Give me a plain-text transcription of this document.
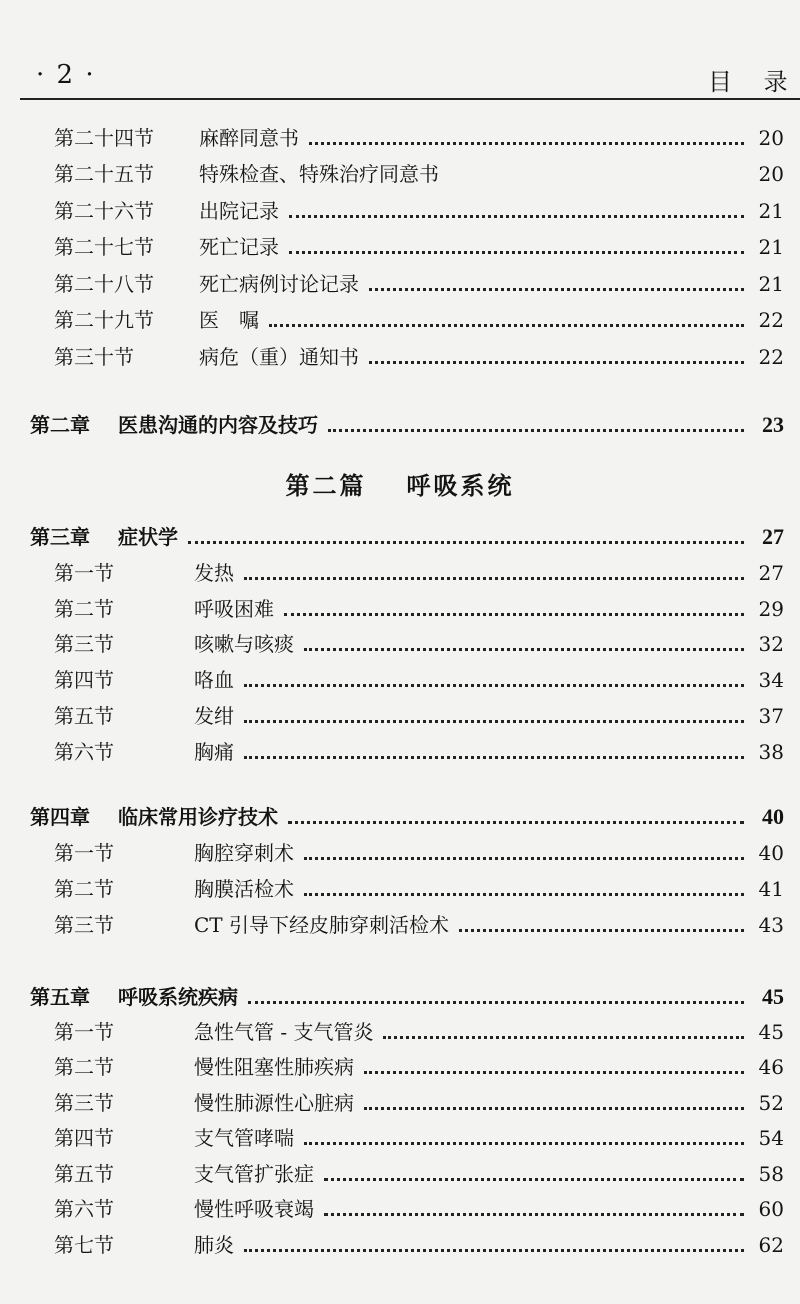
· 2 ·	目 录
第二十四节 麻醉同意书	20
第二十五节 特殊检查、特殊治疗同意书	20
第二十六节 出院记录	21
第二十七节 死亡记录	21
第二十八节 死亡病例讨论记录	21
第二十九节 医　嘱	22
第三十节	病危（重）通知书	22
第二章 医患沟通的内容及技巧	23
第二篇 呼吸系统
第三章 症状学	27
第一节	发热	27
第二节	呼吸困难	29
第三节	咳嗽与咳痰	32
第四节	咯血	34
第五节	发绀	37
第六节	胸痛	38
第四章 临床常用诊疗技术	40
第一节	胸腔穿刺术	40
第二节	胸膜活检术	41
第三节	CT 引导下经皮肺穿刺活检术	43
第五章 呼吸系统疾病	45
第一节	急性气管 - 支气管炎	45
第二节	慢性阻塞性肺疾病	46
第三节	慢性肺源性心脏病	52
第四节	支气管哮喘	54
第五节	支气管扩张症	58
第六节	慢性呼吸衰竭	60
第七节	肺炎	62
